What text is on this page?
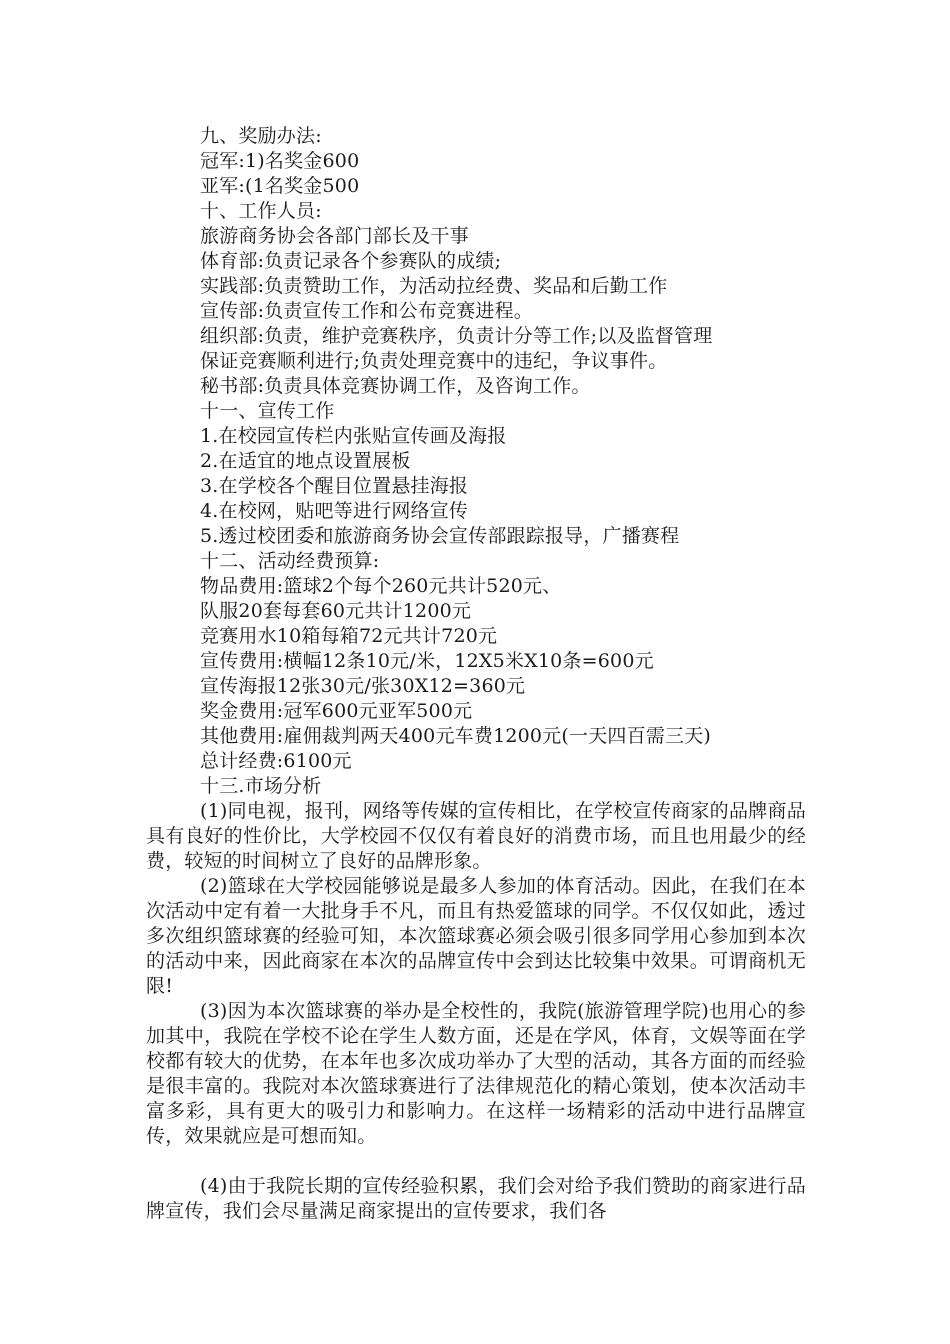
九、奖励办法:
冠军:1)名奖金600
亚军:(1名奖金500
十、工作人员:
旅游商务协会各部门部长及干事
体育部:负责记录各个参赛队的成绩;
实践部:负责赞助工作，为活动拉经费、奖品和后勤工作
宣传部:负责宣传工作和公布竞赛进程。
组织部:负责，维护竞赛秩序，负责计分等工作;以及监督管理
保证竞赛顺利进行;负责处理竞赛中的违纪，争议事件。
秘书部:负责具体竞赛协调工作，及咨询工作。
十一、宣传工作
1.在校园宣传栏内张贴宣传画及海报
2.在适宜的地点设置展板
3.在学校各个醒目位置悬挂海报
4.在校网，贴吧等进行网络宣传
5.透过校团委和旅游商务协会宣传部跟踪报导，广播赛程
十二、活动经费预算:
物品费用:篮球2个每个260元共计520元、
队服20套每套60元共计1200元
竞赛用水10箱每箱72元共计720元
宣传费用:横幅12条10元/米，12X5米X10条=600元
宣传海报12张30元/张30X12=360元
奖金费用:冠军600元亚军500元
其他费用:雇佣裁判两天400元车费1200元(一天四百需三天)
总计经费:6100元
十三.市场分析
(1)同电视，报刊，网络等传媒的宣传相比，在学校宣传商家的品牌商品具有良好的性价比，大学校园不仅仅有着良好的消费市场，而且也用最少的经费，较短的时间树立了良好的品牌形象。
(2)篮球在大学校园能够说是最多人参加的体育活动。因此，在我们在本次活动中定有着一大批身手不凡，而且有热爱篮球的同学。不仅仅如此，透过多次组织篮球赛的经验可知，本次篮球赛必须会吸引很多同学用心参加到本次的活动中来，因此商家在本次的品牌宣传中会到达比较集中效果。可谓商机无限!
(3)因为本次篮球赛的举办是全校性的，我院(旅游管理学院)也用心的参加其中，我院在学校不论在学生人数方面，还是在学风，体育，文娱等面在学校都有较大的优势，在本年也多次成功举办了大型的活动，其各方面的而经验是很丰富的。我院对本次篮球赛进行了法律规范化的精心策划，使本次活动丰富多彩，具有更大的吸引力和影响力。在这样一场精彩的活动中进行品牌宣传，效果就应是可想而知。
(4)由于我院长期的宣传经验积累，我们会对给予我们赞助的商家进行品牌宣传，我们会尽量满足商家提出的宣传要求，我们各
